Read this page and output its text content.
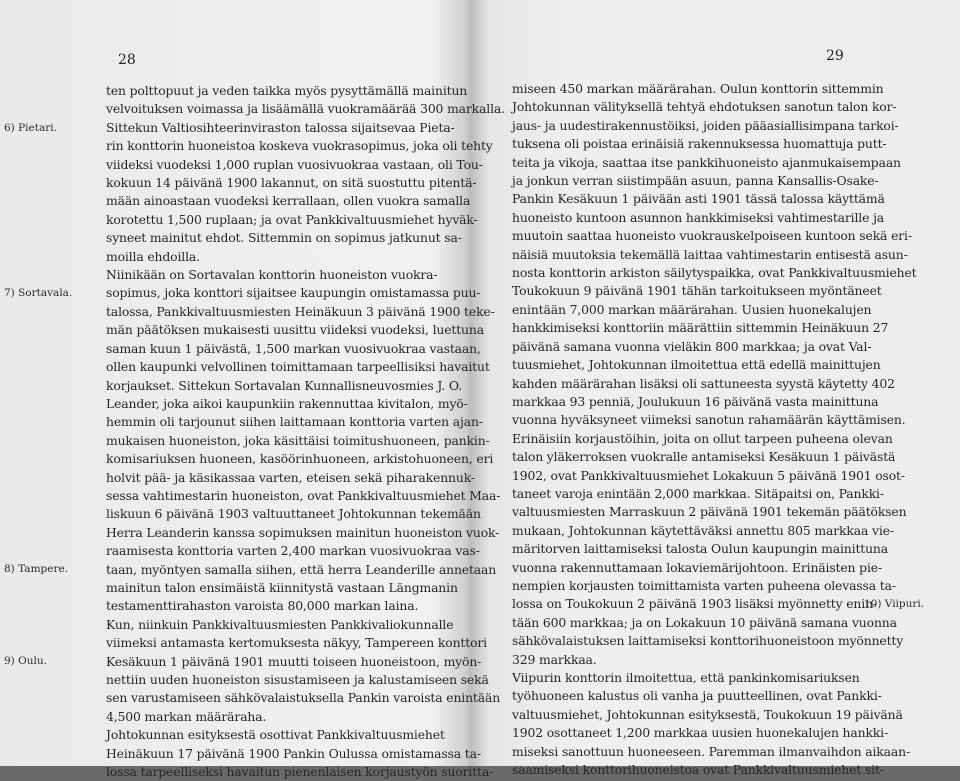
28
ten polttopuut ja veden taikka myös pysyttämällä mainitun
velvoituksen voimassa ja lisäämällä vuokramäärää 300 markalla.
Sittekun Valtiosihteerinviraston talossa sijaitsevaa Pieta-
rin konttorin huoneistoa koskeva vuokrasopimus, joka oli tehty
viideksi vuodeksi 1,000 ruplan vuosivuokraa vastaan, oli Tou-
kokuun 14 päivänä 1900 lakannut, on sitä suostuttu pitentä-
mään ainoastaan vuodeksi kerrallaan, ollen vuokra samalla
korotettu 1,500 ruplaan; ja ovat Pankkivaltuusmiehet hyväk-
syneet mainitut ehdot. Sittemmin on sopimus jatkunut sa-
moilla ehdoilla.
Niinikään on Sortavalan konttorin huoneiston vuokra-
sopimus, joka konttori sijaitsee kaupungin omistamassa puu-
talossa, Pankkivaltuusmiesten Heinäkuun 3 päivänä 1900 teke-
män päätöksen mukaisesti uusittu viideksi vuodeksi, luettuna
saman kuun 1 päivästä, 1,500 markan vuosivuokraa vastaan,
ollen kaupunki velvollinen toimittamaan tarpeellisiksi havaitut
korjaukset. Sittekun Sortavalan Kunnallisneuvosmies J. O.
Leander, joka aikoi kaupunkiin rakennuttaa kivitalon, myö-
hemmin oli tarjounut siihen laittamaan konttoria varten ajan-
mukaisen huoneiston, joka käsittäisi toimitushuoneen, pankin-
komisariuksen huoneen, kasöörinhuoneen, arkistohuoneen, eri
holvit pää- ja käsikassaa varten, eteisen sekä piharakennuk-
sessa vahtimestarin huoneiston, ovat Pankkivaltuusmiehet Maa-
liskuun 6 päivänä 1903 valtuuttaneet Johtokunnan tekemään
Herra Leanderin kanssa sopimuksen mainitun huoneiston vuok-
raamisesta konttoria varten 2,400 markan vuosivuokraa vas-
taan, myöntyen samalla siihen, että herra Leanderille annetaan
mainitun talon ensimäistä kiinnitystä vastaan Längmanin
testamenttirahaston varoista 80,000 markan laina.
Kun, niinkuin Pankkivaltuusmiesten Pankkivaliokunnalle
viimeksi antamasta kertomuksesta näkyy, Tampereen konttori
Kesäkuun 1 päivänä 1901 muutti toiseen huoneistoon, myön-
nettiin uuden huoneiston sisustamiseen ja kalustamiseen sekä
sen varustamiseen sähkövalaistuksella Pankin varoista enintään
4,500 markan määräraha.
Johtokunnan esityksestä osottivat Pankkivaltuusmiehet
Heinäkuun 17 päivänä 1900 Pankin Oulussa omistamassa ta-
lossa tarpeelliseksi havaitun pienenlaisen korjaustyön suoritta-
6) Pietari.
7) Sortavala.
8) Tampere.
9) Oulu.
29
miseen 450 markan määrärahan. Oulun konttorin sittemmin
Johtokunnan välityksellä tehtyä ehdotuksen sanotun talon kor-
jaus- ja uudestirakennustöiksi, joiden pääasiallisimpana tarkoi-
tuksena oli poistaa erinäisiä rakennuksessa huomattuja putt-
teita ja vikoja, saattaa itse pankkihuoneisto ajanmukaisempaan
ja jonkun verran siistimpään asuun, panna Kansallis-Osake-
Pankin Kesäkuun 1 päivään asti 1901 tässä talossa käyttämä
huoneisto kuntoon asunnon hankkimiseksi vahtimestarille ja
muutoin saattaa huoneisto vuokrauskelpoiseen kuntoon sekä eri-
näisiä muutoksia tekemällä laittaa vahtimestarin entisestä asun-
nosta konttorin arkiston säilytyspaikka, ovat Pankkivaltuusmiehet
Toukokuun 9 päivänä 1901 tähän tarkoitukseen myöntäneet
enintään 7,000 markan määrärahan. Uusien huonekalujen
hankkimiseksi konttoriin määrättiin sittemmin Heinäkuun 27
päivänä samana vuonna vieläkin 800 markkaa; ja ovat Val-
tuusmiehet, Johtokunnan ilmoitettua että edellä mainittujen
kahden määrärahan lisäksi oli sattuneesta syystä käytetty 402
markkaa 93 penniä, Joulukuun 16 päivänä vasta mainittuna
vuonna hyväksyneet viimeksi sanotun rahamäärän käyttämisen.
Erinäisiin korjaustöihin, joita on ollut tarpeen puheena olevan
talon yläkerroksen vuokralle antamiseksi Kesäkuun 1 päivästä
1902, ovat Pankkivaltuusmiehet Lokakuun 5 päivänä 1901 osot-
taneet varoja enintään 2,000 markkaa. Sitäpaitsi on, Pankki-
valtuusmiesten Marraskuun 2 päivänä 1901 tekemän päätöksen
mukaan, Johtokunnan käytettäväksi annettu 805 markkaa vie-
märitorven laittamiseksi talosta Oulun kaupungin mainittuna
vuonna rakennuttamaan lokaviemärijohtoon. Erinäisten pie-
nempien korjausten toimittamista varten puheena olevassa ta-
lossa on Toukokuun 2 päivänä 1903 lisäksi myönnetty enin-
tään 600 markkaa; ja on Lokakuun 10 päivänä samana vuonna
sähkövalaistuksen laittamiseksi konttorihuoneistoon myönnetty
329 markkaa.
Viipurin konttorin ilmoitettua, että pankinkomisariuksen
työhuoneen kalustus oli vanha ja puutteellinen, ovat Pankki-
valtuusmiehet, Johtokunnan esityksestä, Toukokuun 19 päivänä
1902 osottaneet 1,200 markkaa uusien huonekalujen hankki-
miseksi sanottuun huoneeseen. Paremman ilmanvaihdon aikaan-
saamiseksi konttorihuoneistoa ovat Pankkivaltuusmiehet sit-
10) Viipuri.
